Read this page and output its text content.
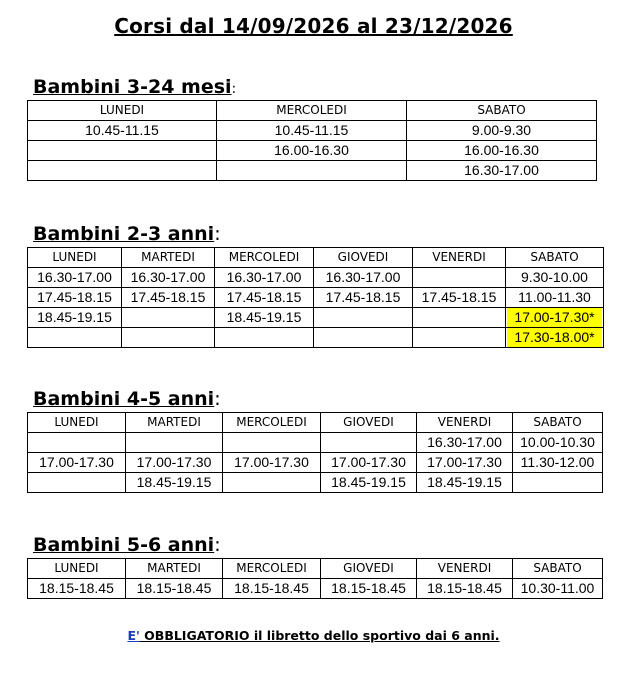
Corsi dal 14/09/2026 al 23/12/2026
Bambini 3-24 mesi:
LUNEDI	MERCOLEDI	SABATO
10.45-11.15	10.45-11.15	9.00-9.30
	16.00-16.30	16.00-16.30
		16.30-17.00
Bambini 2-3 anni:
LUNEDI	MARTEDI	MERCOLEDI	GIOVEDI	VENERDI	SABATO
16.30-17.00	16.30-17.00	16.30-17.00	16.30-17.00		9.30-10.00
17.45-18.15	17.45-18.15	17.45-18.15	17.45-18.15	17.45-18.15	11.00-11.30
18.45-19.15		18.45-19.15			17.00-17.30*

					17.30-18.00*
Bambini 4-5 anni:
LUNEDI	MARTEDI	MERCOLEDI	GIOVEDI	VENERDI	SABATO
				16.30-17.00	10.00-10.30
17.00-17.30	17.00-17.30	17.00-17.30	17.00-17.30	17.00-17.30	11.30-12.00
	18.45-19.15		18.45-19.15	18.45-19.15	
Bambini 5-6 anni:
LUNEDI	MARTEDI	MERCOLEDI	GIOVEDI	VENERDI	SABATO
18.15-18.45	18.15-18.45	18.15-18.45	18.15-18.45	18.15-18.45	10.30-11.00
E' OBBLIGATORIO il libretto dello sportivo dai 6 anni.
